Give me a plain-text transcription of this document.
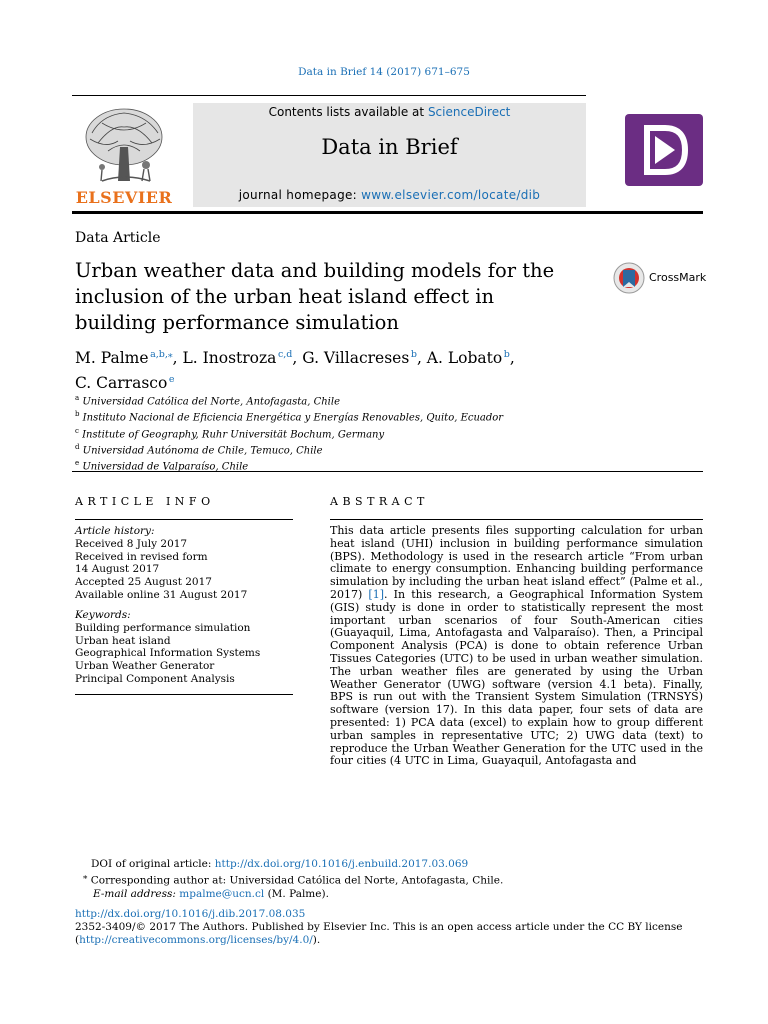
Data in Brief 14 (2017) 671–675
ELSEVIER
Contents lists available at ScienceDirect
Data in Brief
journal homepage: www.elsevier.com/locate/dib
Data Article
Urban weather data and building models for the inclusion of the urban heat island effect in building performance simulation
CrossMark
M. Palme  $^{a,b,⁎}$, L. Inostroza  $^{c,d}$, G. Villacreses  $^b$, A. Lobato  $^b$,
C. Carrasco  $^e$
$^a$ Universidad Católica del Norte, Antofagasta, Chile
$^b$ Instituto Nacional de Eficiencia Energética y Energías Renovables, Quito, Ecuador
$^c$ Institute of Geography, Ruhr Universität Bochum, Germany
$^d$ Universidad Autónoma de Chile, Temuco, Chile
$^e$ Universidad de Valparaíso, Chile
ARTICLE INFO
Article history:
Received 8 July 2017
Received in revised form
14 August 2017
Accepted 25 August 2017
Available online 31 August 2017
Keywords:
Building performance simulation
Urban heat island
Geographical Information Systems
Urban Weather Generator
Principal Component Analysis
ABSTRACT
This data article presents files supporting calculation for urban heat island (UHI) inclusion in building performance simulation (BPS). Methodology is used in the research article “From urban climate to energy consumption. Enhancing building performance simulation by including the urban heat island effect” (Palme et al., 2017) [1]. In this research, a Geographical Information System (GIS) study is done in order to statistically represent the most important urban scenarios of four South-American cities (Guayaquil, Lima, Antofagasta and Valparaíso). Then, a Principal Component Analysis (PCA) is done to obtain reference Urban Tissues Categories (UTC) to be used in urban weather simulation. The urban weather files are generated by using the Urban Weather Generator (UWG) software (version 4.1 beta). Finally, BPS is run out with the Transient System Simulation (TRNSYS) software (version 17). In this data paper, four sets of data are presented: 1) PCA data (excel) to explain how to group different urban samples in representative UTC; 2) UWG data (text) to reproduce the Urban Weather Generation for the UTC used in the four cities (4 UTC in Lima, Guayaquil, Antofagasta and
DOI of original article: http://dx.doi.org/10.1016/j.enbuild.2017.03.069
⁎ Corresponding author at: Universidad Católica del Norte, Antofagasta, Chile.
E-mail address: mpalme@ucn.cl (M. Palme).
http://dx.doi.org/10.1016/j.dib.2017.08.035
2352-3409/© 2017 The Authors. Published by Elsevier Inc. This is an open access article under the CC BY license
(http://creativecommons.org/licenses/by/4.0/).
